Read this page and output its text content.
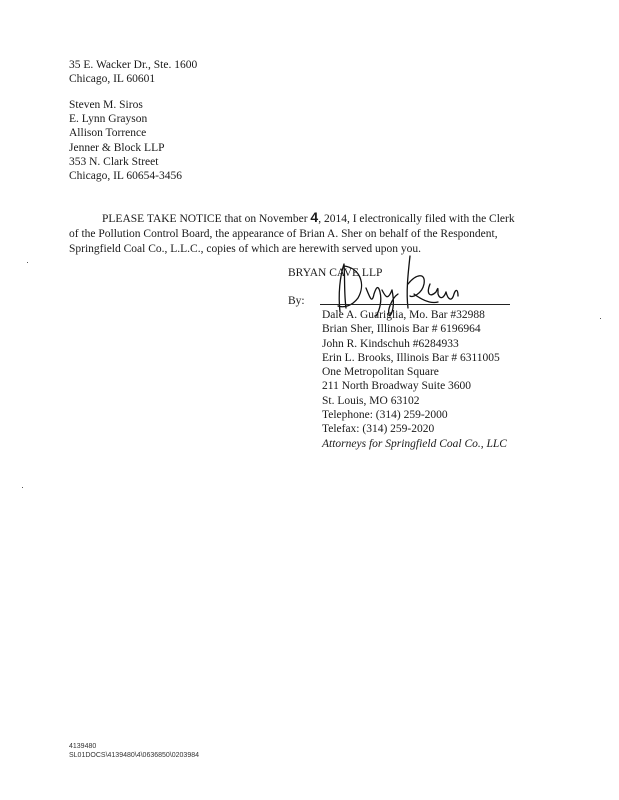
35 E. Wacker Dr., Ste. 1600
Chicago, IL 60601
Steven M. Siros
E. Lynn Grayson
Allison Torrence
Jenner & Block LLP
353 N. Clark Street
Chicago, IL 60654-3456
PLEASE TAKE NOTICE that on November 4, 2014, I electronically filed with the Clerk of the Pollution Control Board, the appearance of Brian A. Sher on behalf of the Respondent, Springfield Coal Co., L.L.C., copies of which are herewith served upon you.
BRYAN CAVE LLP
By:
Dale A. Guariglia, Mo. Bar #32988
Brian Sher, Illinois Bar # 6196964
John R. Kindschuh #6284933
Erin L. Brooks, Illinois Bar # 6311005
One Metropolitan Square
211 North Broadway Suite 3600
St. Louis, MO 63102
Telephone: (314) 259-2000
Telefax: (314) 259-2020
Attorneys for Springfield Coal Co., LLC
4139480
SL01DOCS\4139480\4\0636850\0203984
